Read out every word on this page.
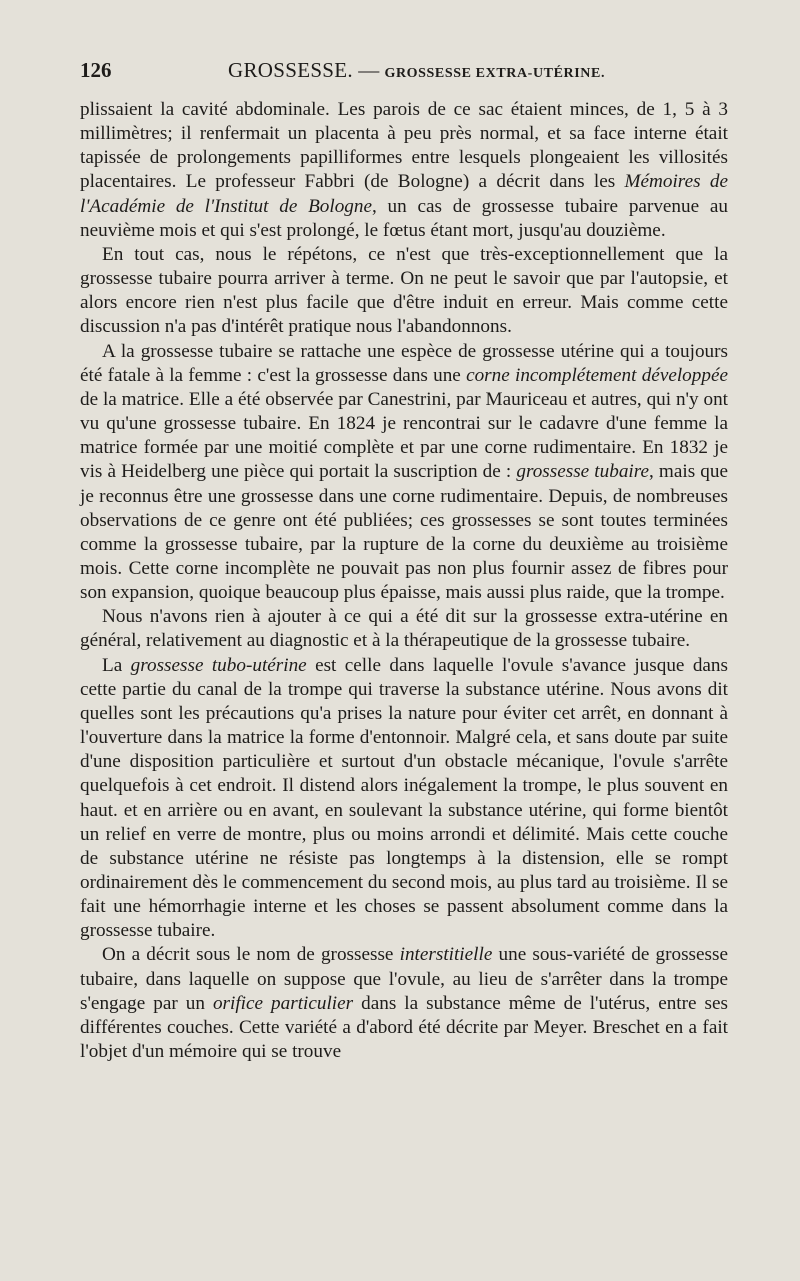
126	GROSSESSE.
—
GROSSESSE EXTRA-UTÉRINE.

plissaient la cavité abdominale. Les parois de ce sac étaient minces, de 1, 5 à 3 millimètres; il renfermait un placenta à peu près normal, et sa face interne était tapissée de prolongements papilliformes entre lesquels plongeaient les villosités placentaires. Le professeur Fabbri (de Bologne) a décrit dans les Mémoires de l'Académie de l'Institut de Bologne, un cas de grossesse tubaire parvenue au neuvième mois et qui s'est prolongé, le fœtus étant mort, jusqu'au douzième.

En tout cas, nous le répétons, ce n'est que très-exceptionnellement que la grossesse tubaire pourra arriver à terme. On ne peut le savoir que par l'autopsie, et alors encore rien n'est plus facile que d'être induit en erreur. Mais comme cette discussion n'a pas d'intérêt pratique nous l'abandonnons.

A la grossesse tubaire se rattache une espèce de grossesse utérine qui a toujours été fatale à la femme : c'est la grossesse dans une corne incomplétement développée de la matrice. Elle a été observée par Canestrini, par Mauriceau et autres, qui n'y ont vu qu'une grossesse tubaire. En 1824 je rencontrai sur le cadavre d'une femme la matrice formée par une moitié complète et par une corne rudimentaire. En 1832 je vis à Heidelberg une pièce qui portait la suscription de : grossesse tubaire, mais que je reconnus être une grossesse dans une corne rudimentaire. Depuis, de nombreuses observations de ce genre ont été publiées; ces grossesses se sont toutes terminées comme la grossesse tubaire, par la rupture de la corne du deuxième au troisième mois. Cette corne incomplète ne pouvait pas non plus fournir assez de fibres pour son expansion, quoique beaucoup plus épaisse, mais aussi plus raide, que la trompe.

Nous n'avons rien à ajouter à ce qui a été dit sur la grossesse extra-utérine en général, relativement au diagnostic et à la thérapeutique de la grossesse tubaire.

La grossesse tubo-utérine est celle dans laquelle l'ovule s'avance jusque dans cette partie du canal de la trompe qui traverse la substance utérine. Nous avons dit quelles sont les précautions qu'a prises la nature pour éviter cet arrêt, en donnant à l'ouverture dans la matrice la forme d'entonnoir. Malgré cela, et sans doute par suite d'une disposition particulière et surtout d'un obstacle mécanique, l'ovule s'arrête quelquefois à cet endroit. Il distend alors inégalement la trompe, le plus souvent en haut. et en arrière ou en avant, en soulevant la substance utérine, qui forme bientôt un relief en verre de montre, plus ou moins arrondi et délimité. Mais cette couche de substance utérine ne résiste pas longtemps à la distension, elle se rompt ordinairement dès le commencement du second mois, au plus tard au troisième. Il se fait une hémorrhagie interne et les choses se passent absolument comme dans la grossesse tubaire.

On a décrit sous le nom de grossesse interstitielle une sous-variété de grossesse tubaire, dans laquelle on suppose que l'ovule, au lieu de s'arrêter dans la trompe s'engage par un orifice particulier dans la substance même de l'utérus, entre ses différentes couches. Cette variété a d'abord été décrite par Meyer. Breschet en a fait l'objet d'un mémoire qui se trouve
